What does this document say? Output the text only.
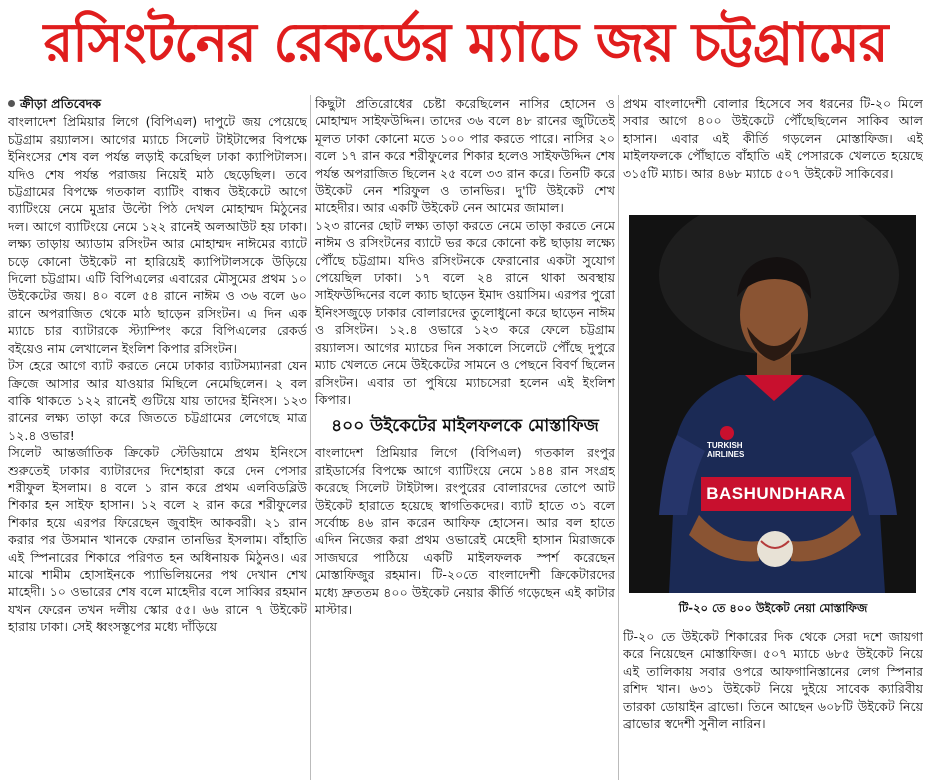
রসিংটনের রেকর্ডের ম্যাচে জয় চট্টগ্রামের
ক্রীড়া প্রতিবেদক

বাংলাদেশ প্রিমিয়ার লিগে (বিপিএল) দাপুটে জয় পেয়েছে চট্টগ্রাম রয়্যালস। আগের ম্যাচে সিলেট টাইটান্সের বিপক্ষে ইনিংসের শেষ বল পর্যন্ত লড়াই করেছিল ঢাকা ক্যাপিটালস। যদিও শেষ পর্যন্ত পরাজয় নিয়েই মাঠ ছেড়েছিল। তবে চট্টগ্রামের বিপক্ষে গতকাল ব্যাটিং বান্ধব উইকেটে আগে ব্যাটিংয়ে নেমে মুদ্রার উল্টো পিঠ দেখল মোহাম্মদ মিঠুনের দল। আগে ব্যাটিংয়ে নেমে ১২২ রানেই অলআউট হয় ঢাকা। লক্ষ্য তাড়ায় অ্যাডাম রসিংটন আর মোহাম্মদ নাঈমের ব্যাটে চড়ে কোনো উইকেট না হারিয়েই ক্যাপিটালসকে উড়িয়ে দিলো চট্টগ্রাম। এটি বিপিএলের এবারের মৌসুমের প্রথম ১০ উইকেটের জয়। ৪০ বলে ৫৪ রানে নাঈম ও ৩৬ বলে ৬০ রানে অপরাজিত থেকে মাঠ ছাড়েন রসিংটন। এ দিন এক ম্যাচে চার ব্যাটারকে স্ট্যাম্পিং করে বিপিএলের রেকর্ড বইয়েও নাম লেখালেন ইংলিশ কিপার রসিংটন।

টস হেরে আগে ব্যাট করতে নেমে ঢাকার ব্যাটসম্যানরা যেন ক্রিজে আসার আর যাওয়ার মিছিলে নেমেছিলেন। ২ বল বাকি থাকতে ১২২ রানেই গুটিয়ে যায় তাদের ইনিংস। ১২৩ রানের লক্ষ্য তাড়া করে জিততে চট্টগ্রামের লেগেছে মাত্র ১২.৪ ওভার!

সিলেট আন্তর্জাতিক ক্রিকেট স্টেডিয়ামে প্রথম ইনিংসে শুরুতেই ঢাকার ব্যাটারদের দিশেহারা করে দেন পেসার শরীফুল ইসলাম। ৪ বলে ১ রান করে প্রথম এলবিডব্লিউ শিকার হন সাইফ হাসান। ১২ বলে ২ রান করে শরীফুলের শিকার হয়ে এরপর ফিরেছেন জুবাইদ আকবরী। ২১ রান করার পর উসমান খানকে ফেরান তানভির ইসলাম। বাঁহাতি এই স্পিনারের শিকারে পরিণত হন অধিনায়ক মিঠুনও। এর মাঝে শামীম হোসাইনকে প্যাভিলিয়নের পথ দেখান শেখ মাহেদী। ১০ ওভারের শেষ বলে মাহেদীর বলে সাব্বির রহমান যখন ফেরেন তখন দলীয় স্কোর ৫৫। ৬৬ রানে ৭ উইকেট হারায় ঢাকা। সেই ধ্বংসস্তূপের মধ্যে দাঁড়িয়ে

কিছুটা প্রতিরোধের চেষ্টা করেছিলেন নাসির হোসেন ও মোহাম্মদ সাইফউদ্দিন। তাদের ৩৬ বলে ৪৮ রানের জুটিতেই মূলত ঢাকা কোনো মতে ১০০ পার করতে পারে। নাসির ২০ বলে ১৭ রান করে শরীফুলের শিকার হলেও সাইফউদ্দিন শেষ পর্যন্ত অপরাজিত ছিলেন ২৫ বলে ৩৩ রান করে। তিনটি করে উইকেট নেন শরিফুল ও তানভির। দু'টি উইকেট শেখ মাহেদীর। আর একটি উইকেট নেন আমের জামাল।

১২৩ রানের ছোট লক্ষ্য তাড়া করতে নেমে তাড়া করতে নেমে নাঈম ও রসিংটনের ব্যাটে ভর করে কোনো কষ্ট ছাড়ায় লক্ষ্যে পৌঁছে চট্টগ্রাম। যদিও রসিংটনকে ফেরানোর একটা সুযোগ পেয়েছিল ঢাকা। ১৭ বলে ২৪ রানে থাকা অবস্থায় সাইফউদ্দিনের বলে ক্যাচ ছাড়েন ইমাদ ওয়াসিম। এরপর পুরো ইনিংসজুড়ে ঢাকার বোলারদের তুলোধুনো করে ছাড়েন নাঈম ও রসিংটন। ১২.৪ ওভারে ১২৩ করে ফেলে চট্টগ্রাম রয়্যালস। আগের ম্যাচের দিন সকালে সিলেটে পৌঁছে দুপুরে ম্যাচ খেলতে নেমে উইকেটের সামনে ও পেছনে বিবর্ণ ছিলেন রসিংটন। এবার তা পুষিয়ে ম্যাচসেরা হলেন এই ইংলিশ কিপার।

৪০০ উইকেটের মাইলফলকে মোস্তাফিজ

বাংলাদেশ প্রিমিয়ার লিগে (বিপিএল) গতকাল রংপুর রাইডার্সের বিপক্ষে আগে ব্যাটিংয়ে নেমে ১৪৪ রান সংগ্রহ করেছে সিলেট টাইটান্স। রংপুরের বোলারদের তোপে আট উইকেট হারাতে হয়েছে স্বাগতিকদের। ব্যাট হাতে ৩১ বলে সর্বোচ্চ ৪৬ রান করেন আফিফ হোসেন। আর বল হাতে এদিন নিজের করা প্রথম ওভারেই মেহেদী হাসান মিরাজকে সাজঘরে পাঠিয়ে একটি মাইলফলক স্পর্শ করেছেন মোস্তাফিজুর রহমান। টি-২০তে বাংলাদেশী ক্রিকেটারদের মধ্যে দ্রুততম ৪০০ উইকেট নেয়ার কীর্তি গড়েছেন এই কাটার মাস্টার।

প্রথম বাংলাদেশী বোলার হিসেবে সব ধরনের টি-২০ মিলে সবার আগে ৪০০ উইকেটে পৌঁছেছিলেন সাকিব আল হাসান। এবার এই কীর্তি গড়লেন মোস্তাফিজ। এই মাইলফলকে পৌঁছাতে বাঁহাতি এই পেসারকে খেলতে হয়েছে ৩১৫টি ম্যাচ। আর ৪৬৮ ম্যাচে ৫০৭ উইকেট সাকিবের।

TURKISH AIRLINES
BASHUNDHARA
টি-২০ তে ৪০০ উইকেট নেয়া মোস্তাফিজ

টি-২০ তে উইকেট শিকারের দিক থেকে সেরা দশে জায়গা করে নিয়েছেন মোস্তাফিজ। ৫০৭ ম্যাচে ৬৮৫ উইকেট নিয়ে এই তালিকায় সবার ওপরে আফগানিস্তানের লেগ স্পিনার রশিদ খান। ৬৩১ উইকেট নিয়ে দুইয়ে সাবেক ক্যারিবীয় তারকা ডোয়াইন ব্রাভো। তিনে আছেন ৬০৮টি উইকেট নিয়ে ব্রাভোর স্বদেশী সুনীল নারিন।
